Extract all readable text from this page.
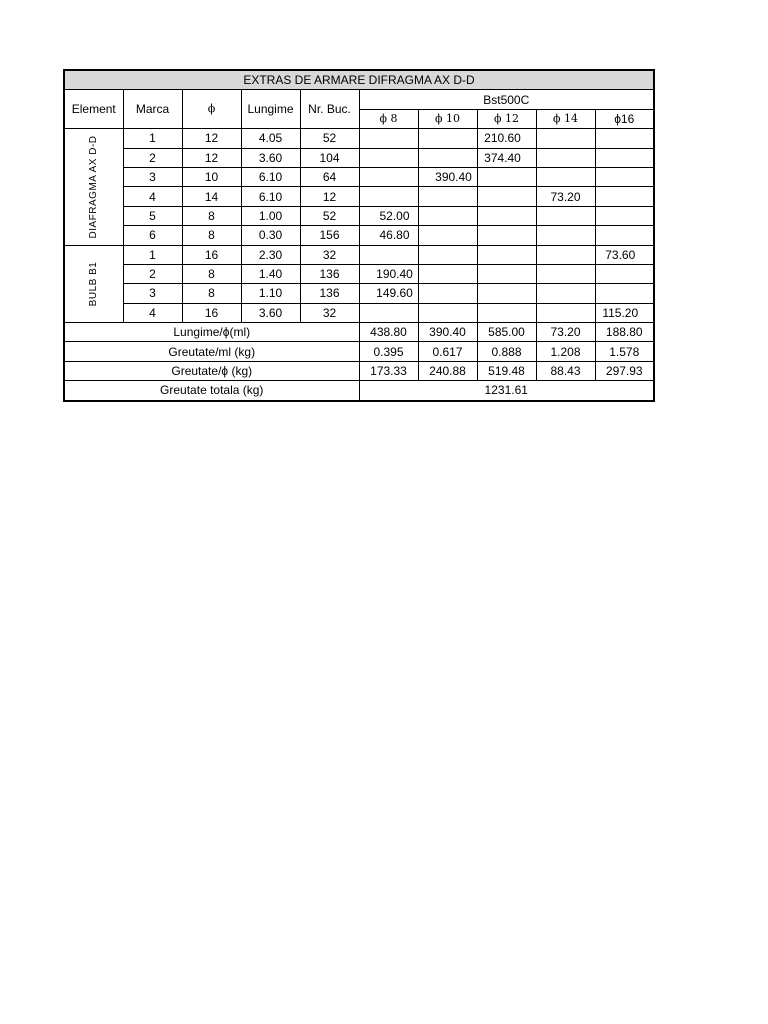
EXTRAS DE ARMARE DIFRAGMA AX D-D									
Element	Marca	ϕ	Lungime	Nr. Buc.	Bst500C				
					ϕ 8	ϕ 10	ϕ 12	ϕ 14	ϕ16

DIAFRAGMA AX D-D	1	12	4.05	52			210.60		
	2	12	3.60	104			374.40		
	3	10	6.10	64		390.40			
	4	14	6.10	12				73.20	
	5	8	1.00	52	52.00				
	6	8	0.30	156	46.80				

BULB B1	1	16	2.30	32					73.60
	2	8	1.40	136	190.40				
	3	8	1.10	136	149.60				
	4	16	3.60	32					115.20
Lungime/ϕ(ml)					438.80	390.40	585.00	73.20	188.80
Greutate/ml (kg)					0.395	0.617	0.888	1.208	1.578
Greutate/ϕ (kg)					173.33	240.88	519.48	88.43	297.93
Greutate totala (kg)					1231.61				
